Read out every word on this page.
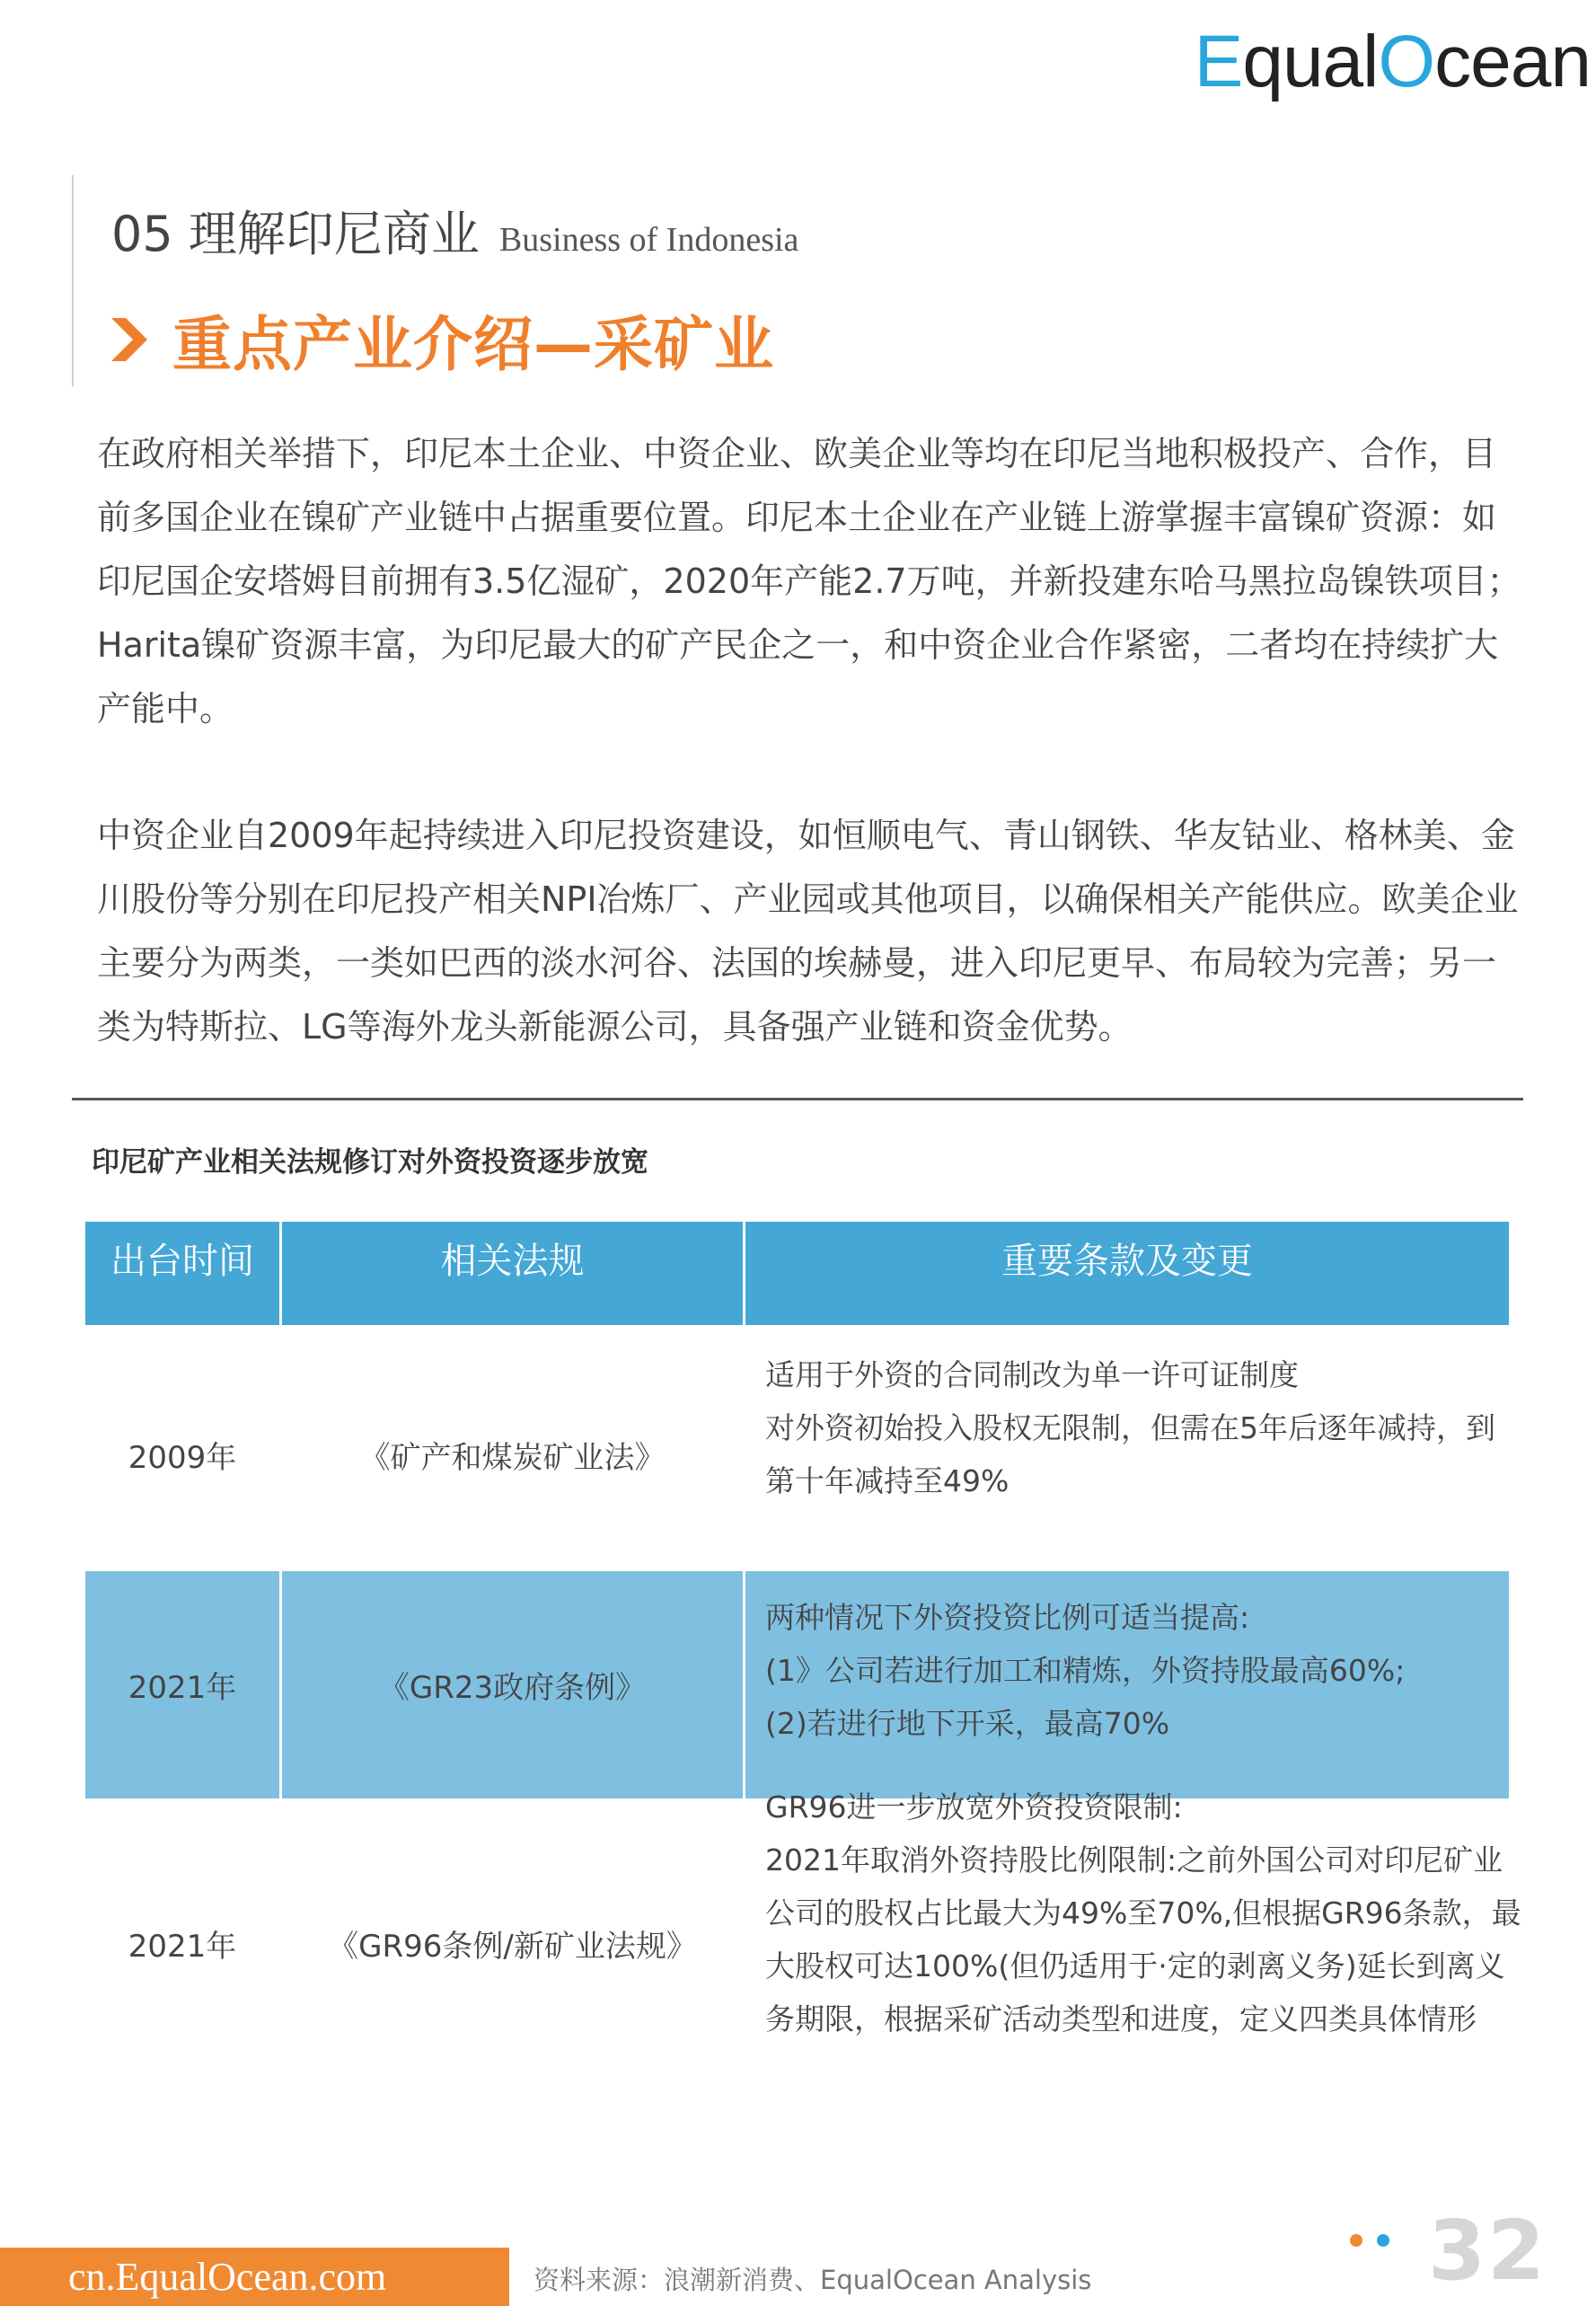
EqualOcean
05 理解印尼商业 Business of Indonesia
重点产业介绍—采矿业

在政府相关举措下，印尼本土企业、中资企业、欧美企业等均在印尼当地积极投产、合作，目前多国企业在镍矿产业链中占据重要位置。印尼本土企业在产业链上游掌握丰富镍矿资源：如印尼国企安塔姆目前拥有3.5亿湿矿，2020年产能2.7万吨，并新投建东哈马黑拉岛镍铁项目；Harita镍矿资源丰富，为印尼最大的矿产民企之一，和中资企业合作紧密，二者均在持续扩大产能中。

中资企业自2009年起持续进入印尼投资建设，如恒顺电气、青山钢铁、华友钴业、格林美、金川股份等分别在印尼投产相关NPI冶炼厂、产业园或其他项目，以确保相关产能供应。欧美企业主要分为两类，一类如巴西的淡水河谷、法国的埃赫曼，进入印尼更早、布局较为完善；另一类为特斯拉、LG等海外龙头新能源公司，具备强产业链和资金优势。

印尼矿产业相关法规修订对外资投资逐步放宽
出台时间	相关法规	重要条款及变更
2009年	《矿产和煤炭矿业法》
适用于外资的合同制改为单一许可证制度
对外资初始投入股权无限制，但需在5年后逐年减持，到
第十年减持至49%
2021年	《GR23政府条例》
两种情况下外资投资比例可适当提高:
(1》公司若进行加工和精炼，外资持股最高60%;
(2)若进行地下开采，最高70%
2021年	《GR96条例/新矿业法规》
GR96进一步放宽外资投资限制:
2021年取消外资持股比例限制:之前外国公司对印尼矿业
公司的股权占比最大为49%至70%,但根据GR96条款，最
大股权可达100%(但仍适用于·定的剥离义务)延长到离义
务期限，根据采矿活动类型和进度，定义四类具体情形
cn.EqualOcean.com	资料来源：浪潮新消费、EqualOcean Analysis	32
